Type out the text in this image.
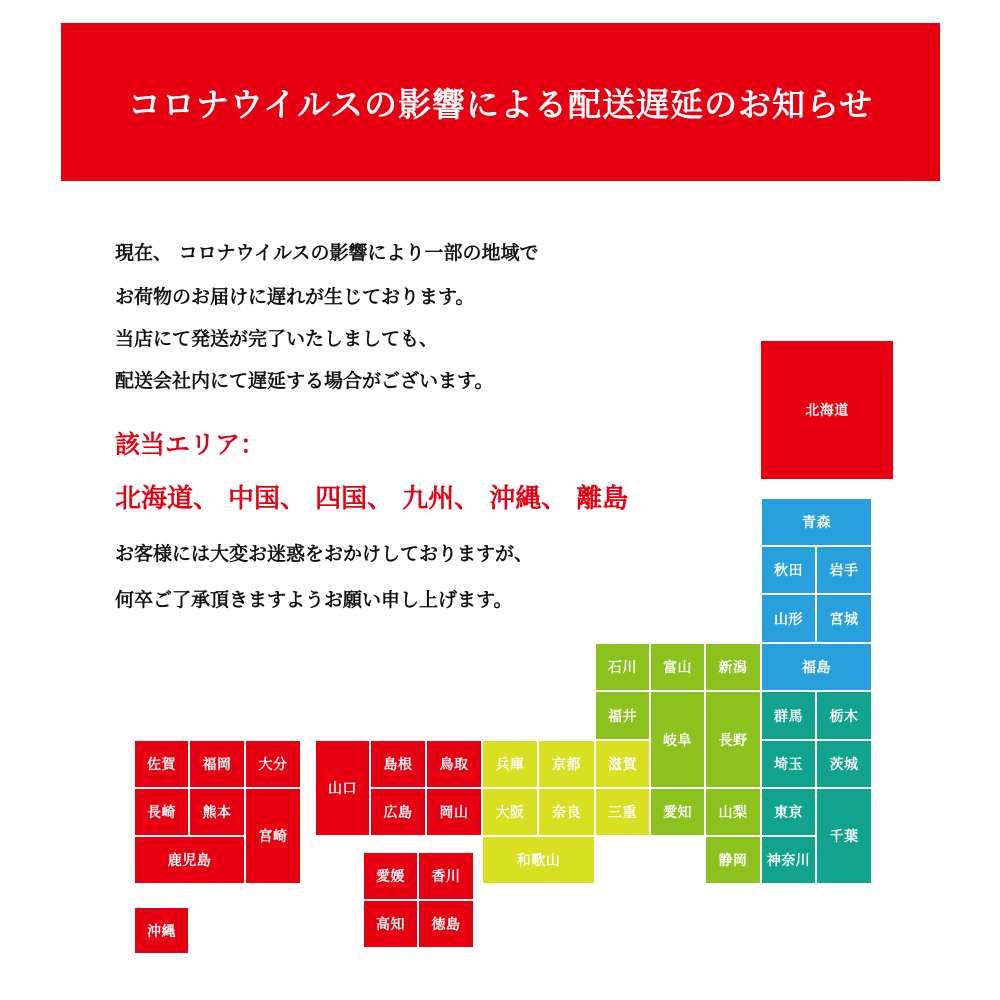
コロナウイルスの影響による配送遅延のお知らせ
現在、 コロナウイルスの影響により一部の地域で
お荷物のお届けに遅れが生じております。
当店にて発送が完了いたしましても、
配送会社内にて遅延する場合がございます。
該当エリア：
北海道、 中国、 四国、 九州、 沖縄、 離島
お客様には大変お迷惑をおかけしておりますが、
何卒ご了承頂きますようお願い申し上げます。
北海道
青森
秋田	岩手
山形	宮城
福島
群馬	栃木
埼玉	茨城
東京
千葉
神奈川
石川	富山	新潟
福井
岐阜	長野
愛知	山梨
静岡
滋賀
三重
兵庫	京都
大阪	奈良
和歌山
山口
島根	鳥取
広島	岡山
愛媛	香川
高知	徳島
佐賀	福岡	大分
長崎	熊本
宮崎
鹿児島
沖縄
